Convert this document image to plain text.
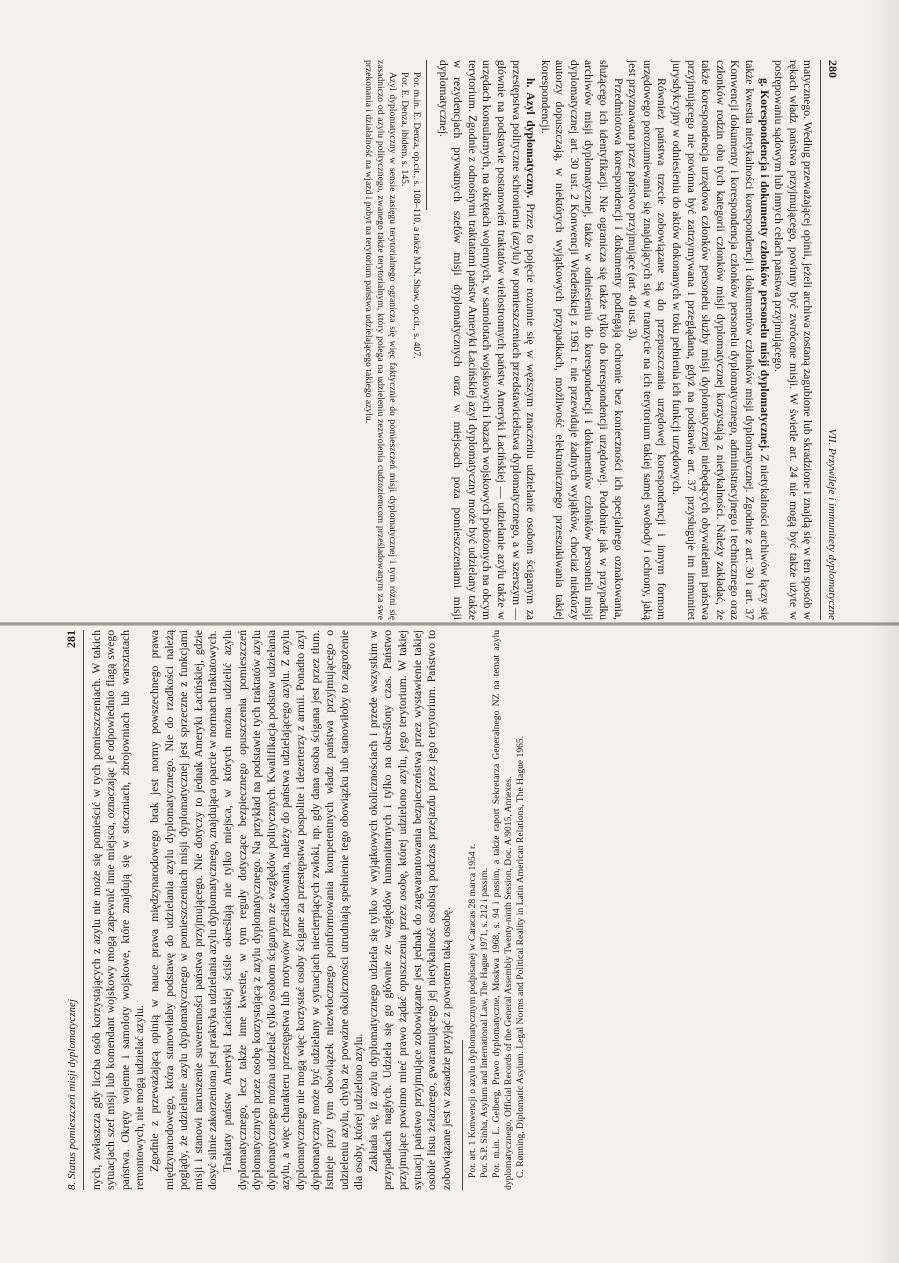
280
VII. Przywileje i immunitety dyplomatyczne

matycznego. Według przeważającej opinii, jeżeli archiwa zostaną zagubione lub skradzione i znajdą się w ten sposób w rękach władz państwa przyjmującego, powinny być zwrócone misji. W świetle art. 24 nie mogą być także użyte w postępowaniu sądowym lub innych celach państwa przyjmującego.

g. Korespondencja i dokumenty członków personelu misji dyplomatycznej. Z nietykalności archiwów łączy się także kwestia nietykalności korespondencji i dokumentów członków misji dyplomatycznej. Zgodnie z art. 30 i art. 37 Konwencji dokumenty i korespondencja członków personelu dyplomatycznego, administracyjnego i technicznego oraz członków rodzin obu tych kategorii członków misji dyplomatycznej korzystają z nietykalności. Należy zakładać, że także korespondencja urzędowa członków personelu służby misji dyplomatycznej niebędących obywatelami państwa przyjmującego nie powinna być zatrzymywana i przeglądana, gdyż na podstawie art. 37 przysługuje im immunitet jurysdykcyjny w odniesieniu do aktów dokonanych w toku pełnienia ich funkcji urzędowych.

Również państwa trzecie zobowiązane są do przepuszczania urzędowej korespondencji i innym formom urzędowego porozumiewania się znajdujących się w tranzycie na ich terytorium takiej samej swobody i ochrony, jaką jest przyznawana przez państwo przyjmujące (art. 40 ust. 3).

Przedmiotowa korespondencji i dokumenty podlegają ochronie bez konieczności ich specjalnego oznakowania, służącego ich identyfikacji. Nie ogranicza się także tylko do korespondencji urzędowej. Podobnie jak w przypadku archiwów misji dyplomatycznej, także w odniesieniu do korespondencji i dokumentów członków personelu misji dyplomatycznej art. 30 ust. 2 Konwencji Wiedeńskiej z 1961 r. nie przewiduje żadnych wyjątków, chociaż niektórzy autorzy dopuszczają, w niektórych wyjątkowych przypadkach, możliwość elektronicznego przeszukiwania takiej korespondencji.

h. Azyl dyplomatyczny. Przez to pojęcie rozumie się w węższym znaczeniu udzielanie osobom ściganym za przestępstwa polityczne schronienia (azylu) w pomieszczeniach przedstawicielstwa dyplomatycznego, a w szerszym — głównie na podstawie postanowień traktatów wielostronnych państw Ameryki Łacińskiej — udzielanie azylu także w urzędach konsularnych, na okrętach wojennych, w samolotach wojskowych i bazach wojskowych położonych na obcym terytorium. Zgodnie z odnośnymi traktatami państw Ameryki Łacińskiej azyl dyplomatyczny może być udzielany także w rezydencjach prywatnych szefów misji dyplomatycznych oraz w miejscach poza pomieszczeniami misji dyplomatycznej.

Por. m.in. E. Denza, op.cit., s. 108–110, a także M.N. Shaw, op.cit., s. 407.

Por. E. Denza, ibidem, s. 145.

Azyl dyplomatyczny w sensie zasięgu terytorialnego ogranicza się więc faktycznie do pomieszczeń misji dyplomatycznej i tym różni się zasadniczo od azylu politycznego, zwanego także terytorialnym, który polega na udzieleniu zezwolenia cudzoziemcom prześladowanym za swe przekonania i działalność na wjazd i pobyt na terytorium państwa udzielającego takiego azylu.

8. Status pomieszczeń misji dyplomatycznej
281 nych, zwłaszcza gdy liczba osób korzystających z azylu nie może się pomieścić w tych pomieszczeniach. W takich sytuacjach szef misji lub komendant wojskowy mogą zapewnić inne miejsca, oznaczając je odpowiednio flagą swego państwa. Okręty wojenne i samoloty wojskowe, które znajdują się w stoczniach, zbrojowniach lub warsztatach remontowych, nie mogą udzielać azylu. Zgodnie z przeważającą opinią w nauce prawa międzynarodowego brak jest normy powszechnego prawa międzynarodowego, która stanowiłaby podstawę do udzielania azylu dyplomatycznego. Nie do rzadkości należą poglądy, że udzielanie azylu dyplomatycznego w pomieszczeniach misji dyplomatycznej jest sprzeczne z funkcjami misji i stanowi naruszenie suwerenności państwa przyjmującego. Nie dotyczy to jednak Ameryki Łacińskiej, gdzie dosyć silnie zakorzeniona jest praktyka udzielania azylu dyplomatycznego, znajdująca oparcie w normach traktatowych. Traktaty państw Ameryki Łacińskiej ściśle określają nie tylko miejsca, w których można udzielić azylu dyplomatycznego, lecz także inne kwestie, w tym reguły dotyczące bezpiecznego opuszczenia pomieszczeń dyplomatycznych przez osobę korzystającą z azylu dyplomatycznego. Na przykład na podstawie tych traktatów azylu dyplomatycznego można udzielać tylko osobom ściganym ze względów politycznych. Kwalifikacja podstaw udzielania azylu, a więc charakteru przestępstwa lub motywów prześladowania, należy do państwa udzielającego azylu. Z azylu dyplomatycznego nie mogą więc korzystać osoby ścigane za przestępstwa pospolite i dezerterzy z armii. Ponadto azyl dyplomatyczny może być udzielany w sytuacjach niecierpiących zwłoki, np. gdy dana osoba ścigana jest przez tłum. Istnieje przy tym obowiązek niezwłocznego poinformowania kompetentnych władz państwa przyjmującego o udzieleniu azylu, chyba że powaźne okoliczności utrudniają spełnienie tego obowiązku lub stanowiłoby to zagrożenie dla osoby, której udzielono azylu. Zakłada się, iż azylu dyplomatycznego udziela się tylko w wyjątkowych okolicznościach i przede wszystkim w przypadkach nagłych. Udziela się go głównie ze względów humanitarnych i tylko na określony czas. Państwo przyjmujące powinno mieć prawo żądać opuszczenia przez osobę, której udzielono azylu, jego terytorium. W takiej sytuacji państwo przyjmujące zobowiązane jest jednak do zagwarantowania bezpieczeństwa przez wystawienie takiej osobie listu żelaznego, gwarantującego jej nietykalność osobistą podczas przejazdu przez jego terytorium. Państwo to zobowiązane jest w zasadzie przyjąć z powrotem taką osobę. Por. art. 1 Konwencji o azylu dyplomatycznym podpisanej w Caracas 28 marca 1954 r. Por. S.P. Sinha, Asylum and International Law, The Hague 1971, s. 212 i passim. Por. m.in. L. Gelberg, Prawo dyplomatyczne, Moskwa 1968, s. 94 i passim, a także raport Sekretarza Generalnego NZ na temat azylu dyplomatycznego, Official Records of the General Assembly Twenty-ninth Session, Doc. A/9015, Annexes. C. Rønning, Diplomatic Asylum. Legal Norms and Political Reality in Latin American Relations, The Hague 1965.
